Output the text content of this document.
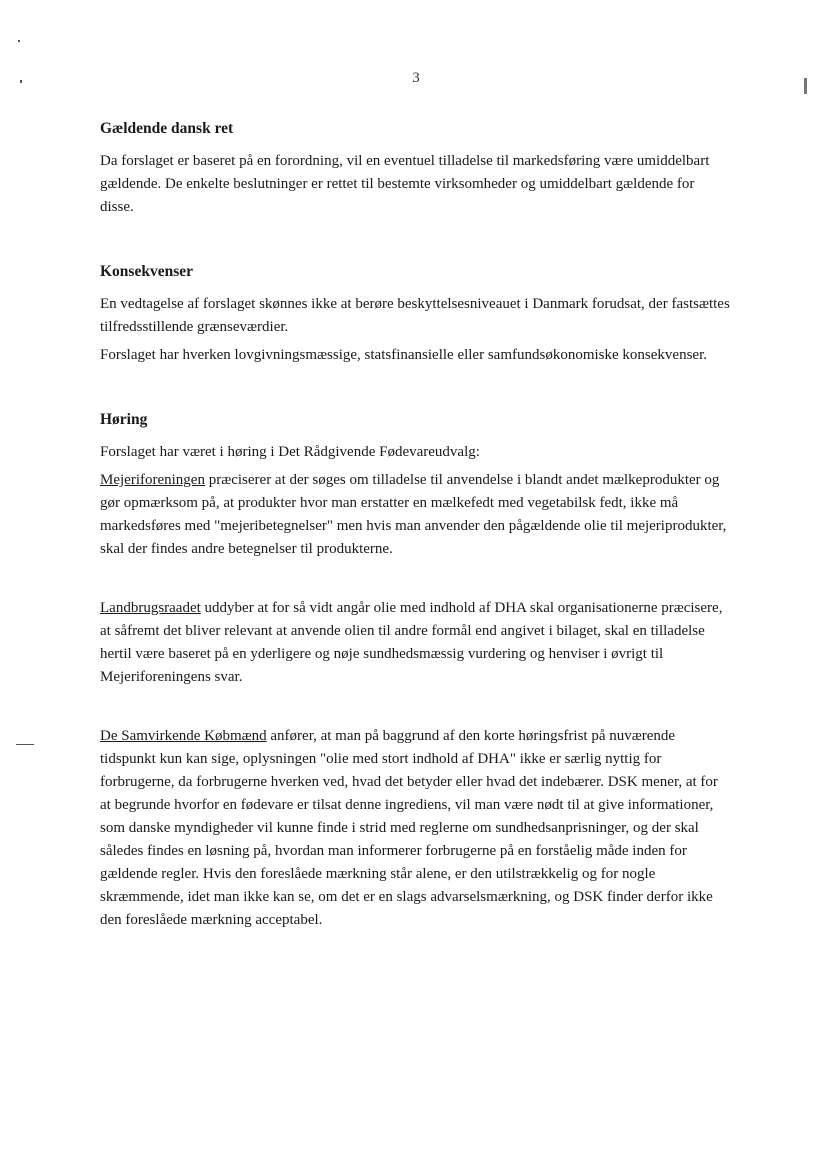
3
Gældende dansk ret

Da forslaget er baseret på en forordning, vil en eventuel tilladelse til markedsføring være umiddelbart gældende. De enkelte beslutninger er rettet til bestemte virksomheder og umiddelbart gældende for disse.

Konsekvenser

En vedtagelse af forslaget skønnes ikke at berøre beskyttelsesniveauet i Danmark forudsat, der fastsættes tilfredsstillende grænseværdier.

Forslaget har hverken lovgivningsmæssige, statsfinansielle eller samfundsøkonomiske konsekvenser.

Høring

Forslaget har været i høring i Det Rådgivende Fødevareudvalg:

Mejeriforeningen præciserer at der søges om tilladelse til anvendelse i blandt andet mælkeprodukter og gør opmærksom på, at produkter hvor man erstatter en mælkefedt med vegetabilsk fedt, ikke må markedsføres med "mejeribetegnelser" men hvis man anvender den pågældende olie til mejeriprodukter, skal der findes andre betegnelser til produkterne.

Landbrugsraadet uddyber at for så vidt angår olie med indhold af DHA skal organisationerne præcisere, at såfremt det bliver relevant at anvende olien til andre formål end angivet i bilaget, skal en tilladelse hertil være baseret på en yderligere og nøje sundhedsmæssig vurdering og henviser i øvrigt til Mejeriforeningens svar.

De Samvirkende Købmænd anfører, at man på baggrund af den korte høringsfrist på nuværende tidspunkt kun kan sige, oplysningen "olie med stort indhold af DHA" ikke er særlig nyttig for forbrugerne, da forbrugerne hverken ved, hvad det betyder eller hvad det indebærer. DSK mener, at for at begrunde hvorfor en fødevare er tilsat denne ingrediens, vil man være nødt til at give informationer, som danske myndigheder vil kunne finde i strid med reglerne om sundhedsanprisninger, og der skal således findes en løsning på, hvordan man informerer forbrugerne på en forståelig måde inden for gældende regler. Hvis den foreslåede mærkning står alene, er den utilstrækkelig og for nogle skræmmende, idet man ikke kan se, om det er en slags advarselsmærkning, og DSK finder derfor ikke den foreslåede mærkning acceptabel.
